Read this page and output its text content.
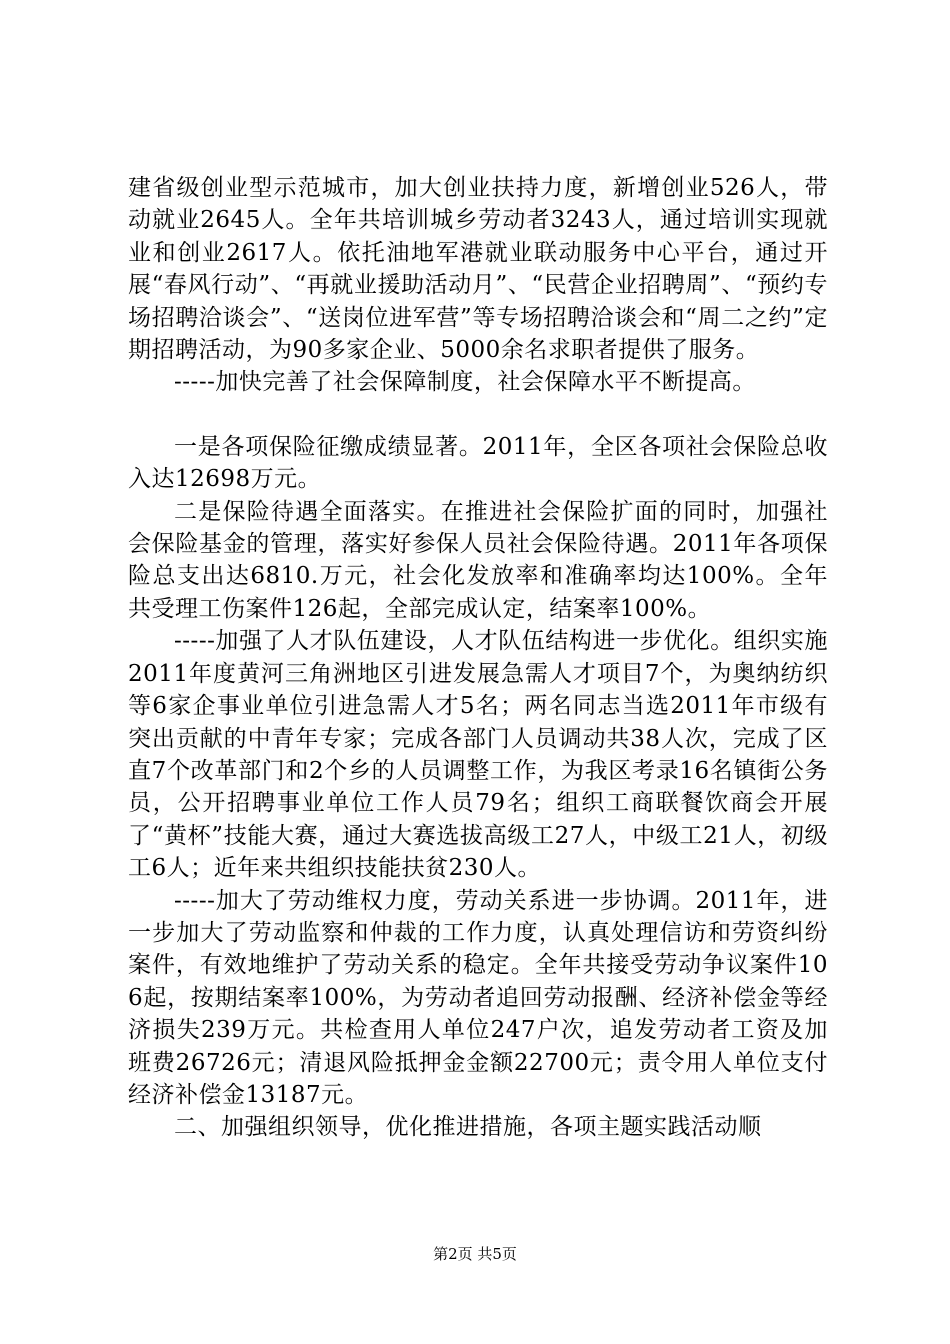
建省级创业型示范城市，加大创业扶持力度，新增创业526人，带动就业2645人。全年共培训城乡劳动者3243人，通过培训实现就业和创业2617人。依托油地军港就业联动服务中心平台，通过开展“春风行动”、“再就业援助活动月”、“民营企业招聘周”、“预约专场招聘洽谈会”、“送岗位进军营”等专场招聘洽谈会和“周二之约”定期招聘活动，为90多家企业、5000余名求职者提供了服务。

-----加快完善了社会保障制度，社会保障水平不断提高。

一是各项保险征缴成绩显著。2011年，全区各项社会保险总收入达12698万元。

二是保险待遇全面落实。在推进社会保险扩面的同时，加强社会保险基金的管理，落实好参保人员社会保险待遇。2011年各项保险总支出达6810.万元，社会化发放率和准确率均达100%。全年共受理工伤案件126起，全部完成认定，结案率100%。

-----加强了人才队伍建设，人才队伍结构进一步优化。组织实施2011年度黄河三角洲地区引进发展急需人才项目7个，为奥纳纺织等6家企事业单位引进急需人才5名；两名同志当选2011年市级有突出贡献的中青年专家；完成各部门人员调动共38人次，完成了区直7个改革部门和2个乡的人员调整工作，为我区考录16名镇街公务员，公开招聘事业单位工作人员79名；组织工商联餐饮商会开展了“黄杯”技能大赛，通过大赛选拔高级工27人，中级工21人，初级工6人；近年来共组织技能扶贫230人。

-----加大了劳动维权力度，劳动关系进一步协调。2011年，进一步加大了劳动监察和仲裁的工作力度，认真处理信访和劳资纠纷案件，有效地维护了劳动关系的稳定。全年共接受劳动争议案件106起，按期结案率100%，为劳动者追回劳动报酬、经济补偿金等经济损失239万元。共检查用人单位247户次，追发劳动者工资及加班费26726元；清退风险抵押金金额22700元；责令用人单位支付经济补偿金13187元。

二、加强组织领导，优化推进措施，各项主题实践活动顺

第2页 共5页
